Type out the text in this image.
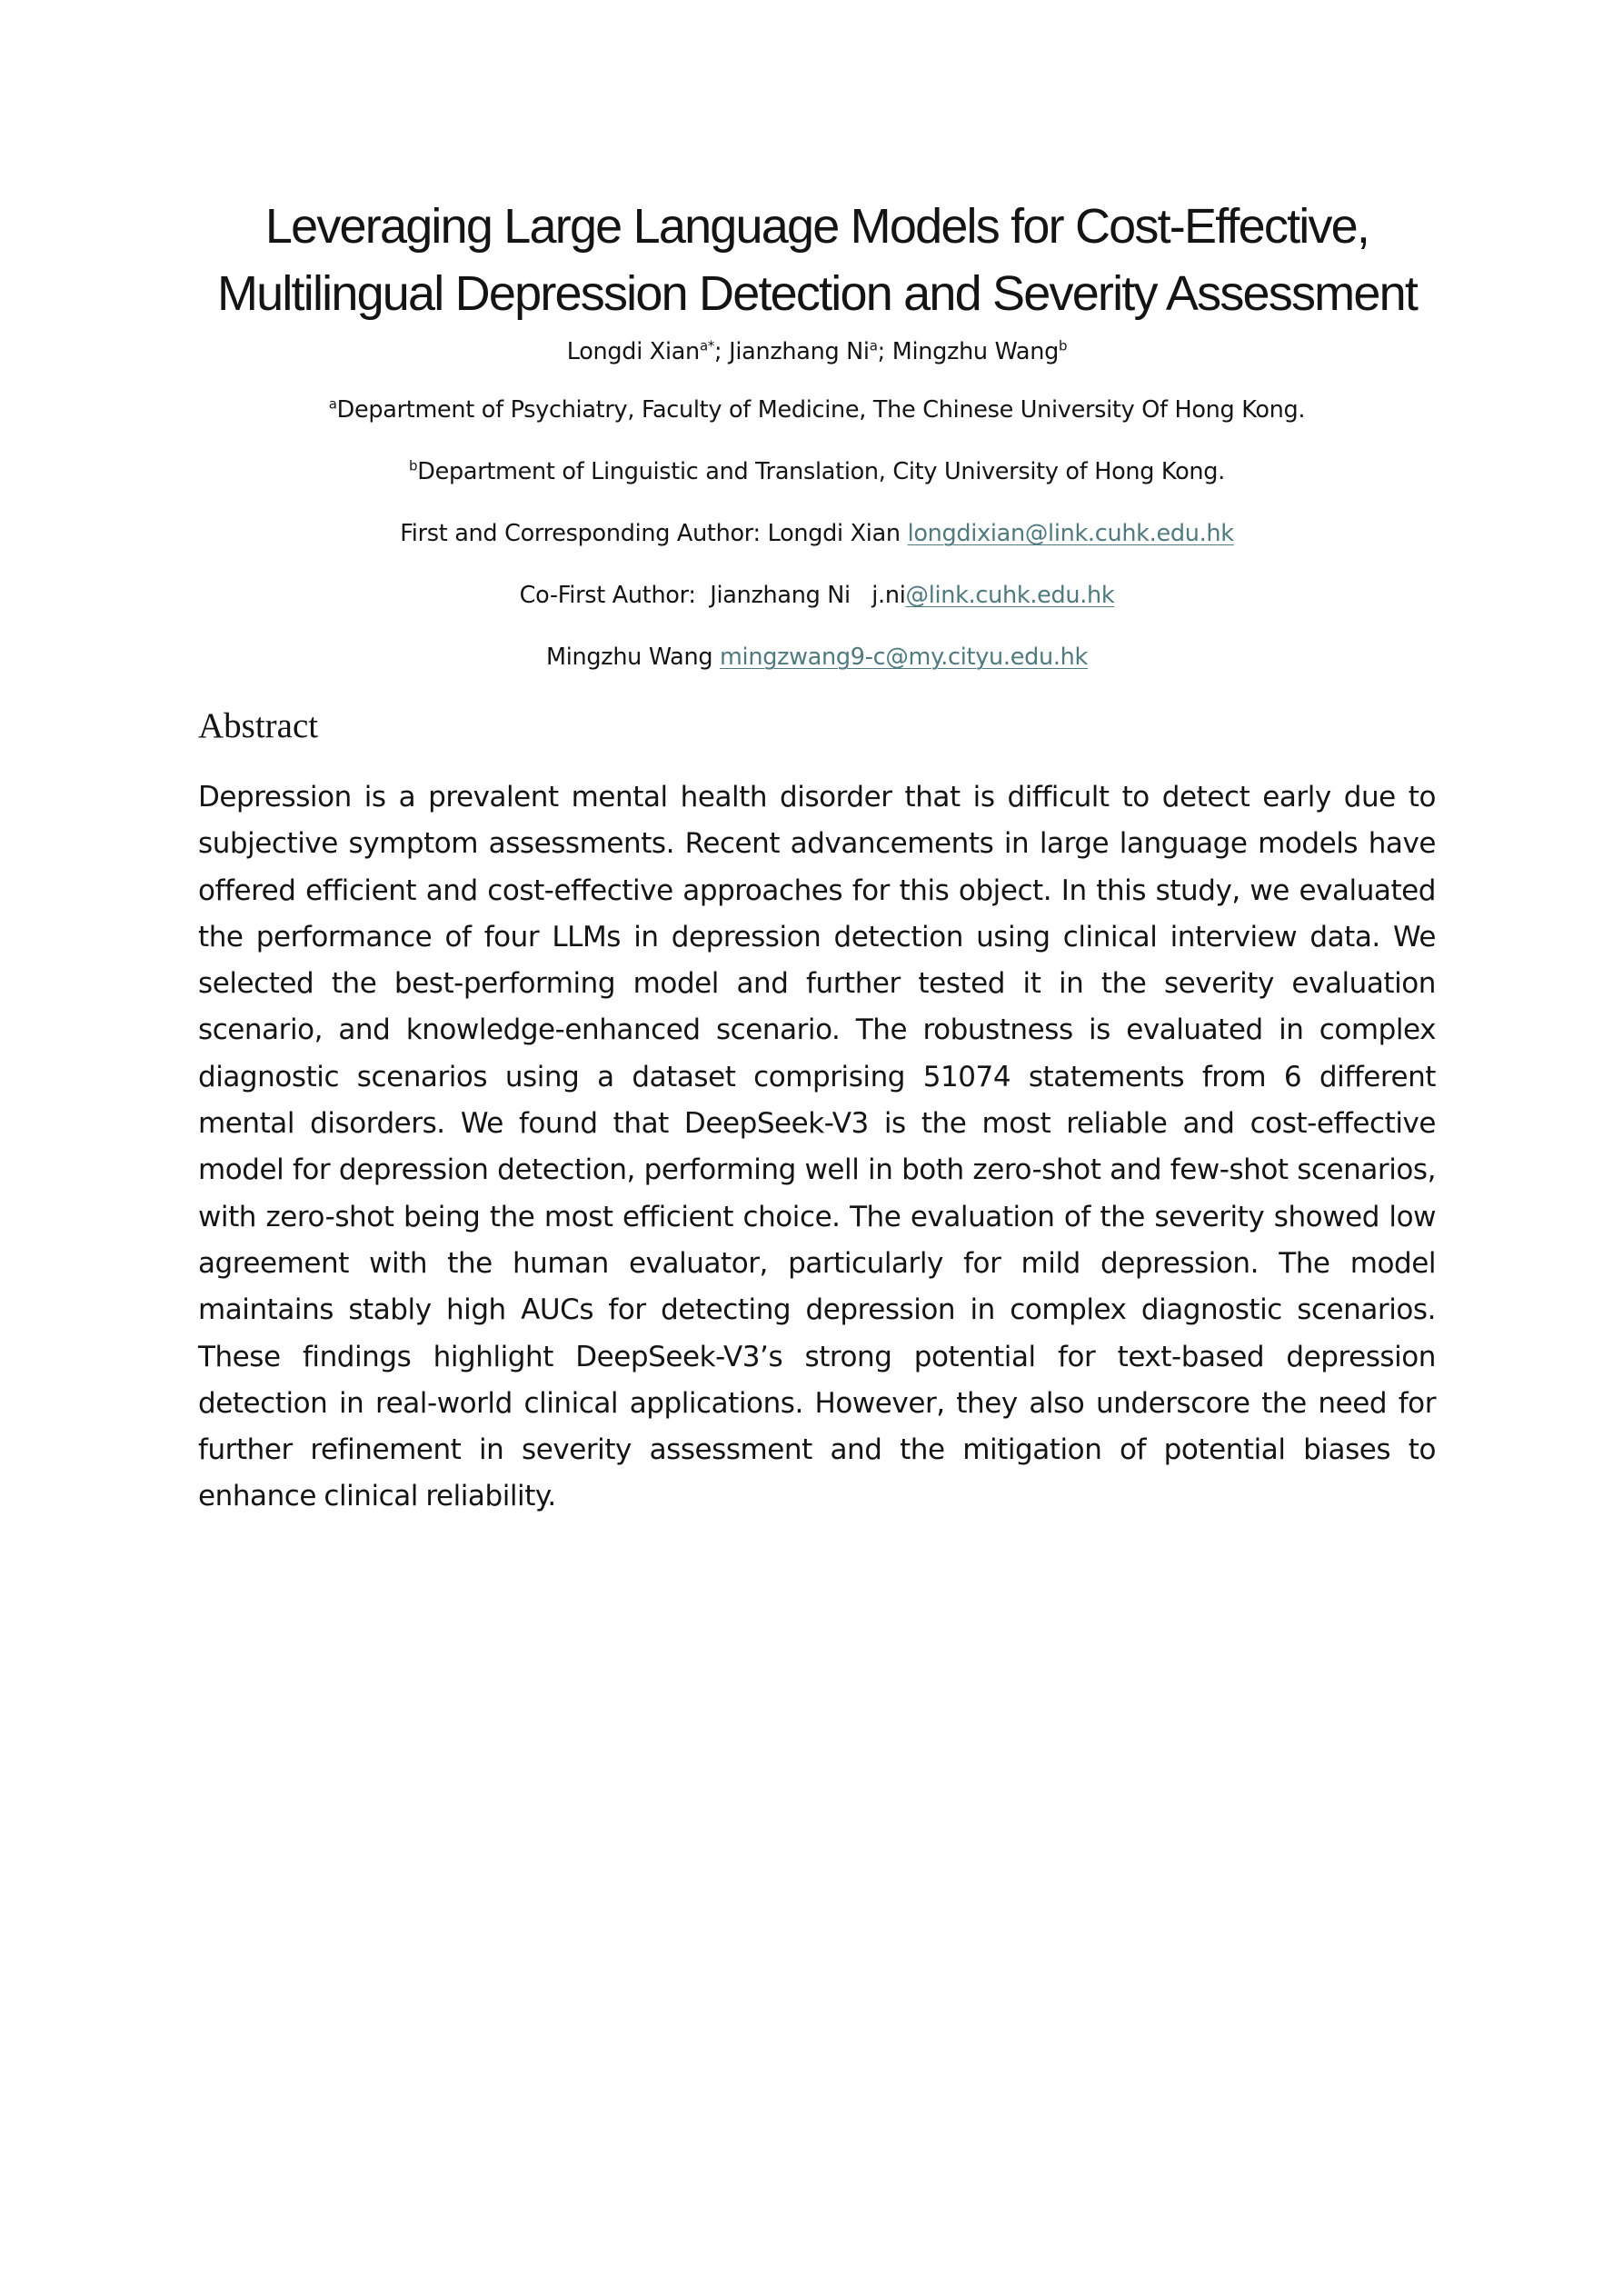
Leveraging Large Language Models for Cost-Effective,
Multilingual Depression Detection and Severity Assessment
Longdi Xian$^{a*}$; Jianzhang Ni$^a$; Mingzhu Wang$^b$
$^a$Department of Psychiatry, Faculty of Medicine, The Chinese University Of Hong Kong.
$^b$Department of Linguistic and Translation, City University of Hong Kong.
First and Corresponding Author: Longdi Xian longdixian@link.cuhk.edu.hk
Co-First Author:  Jianzhang Ni   j.ni@link.cuhk.edu.hk
Mingzhu Wang mingzwang9-c@my.cityu.edu.hk
Abstract

Depression is a prevalent mental health disorder that is difficult to detect early due to subjective symptom assessments. Recent advancements in large language models have offered efficient and cost-effective approaches for this object. In this study, we evaluated the performance of four LLMs in depression detection using clinical interview data. We selected the best-performing model and further tested it in the severity evaluation scenario, and knowledge-enhanced scenario. The robustness is evaluated in complex diagnostic scenarios using a dataset comprising 51074 statements from 6 different mental disorders. We found that DeepSeek-V3 is the most reliable and cost-effective model for depression detection, performing well in both zero-shot and few-shot scenarios, with zero-shot being the most efficient choice. The evaluation of the severity showed low agreement with the human evaluator, particularly for mild depression. The model maintains stably high AUCs for detecting depression in complex diagnostic scenarios. These findings highlight DeepSeek-V3’s strong potential for text-based depression detection in real-world clinical applications. However, they also underscore the need for further refinement in severity assessment and the mitigation of potential biases to enhance clinical reliability.
